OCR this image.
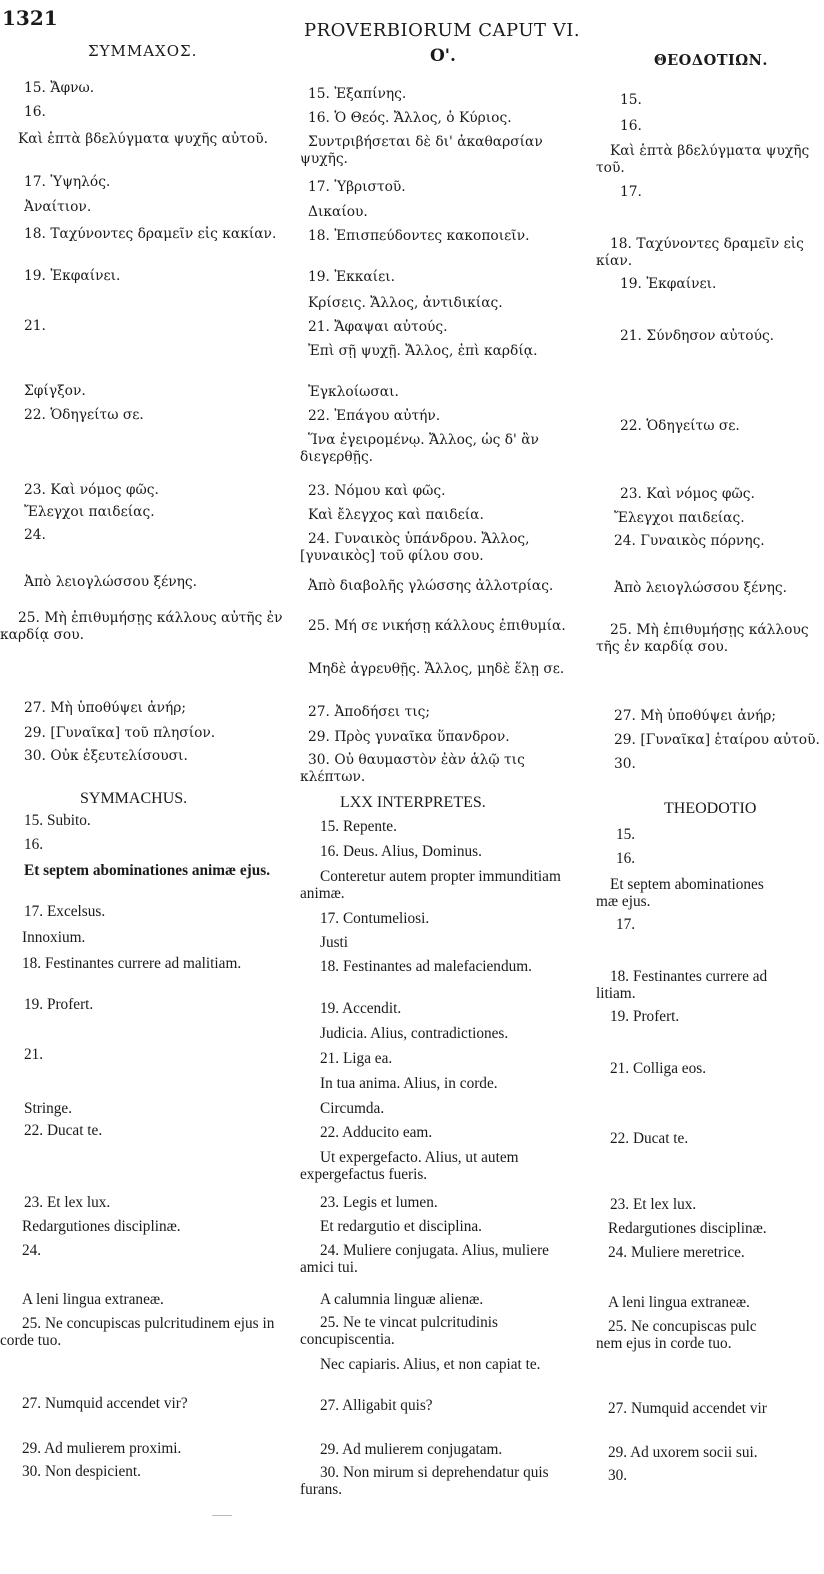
1321
PROVERBIORUM CAPUT VI.
ΣΥΜΜΑΧΟΣ.
15. Ἄφνω.
16.
Καὶ ἑπτὰ βδελύγματα ψυχῆς αὐτοῦ.
17. Ὑψηλός.
Ἀναίτιον.
18. Ταχύνοντες δραμεῖν εἰς κακίαν.
19. Ἐκφαίνει.
21.
Σφίγξον.
22. Ὁδηγείτω σε.
23. Καὶ νόμος φῶς.
Ἔλεγχοι παιδείας.
24.
Ἀπὸ λειογλώσσου ξένης.
25. Μὴ ἐπιθυμήσῃς κάλλους αὐτῆς ἐν καρδίᾳ σου.
27. Μὴ ὑποθύψει ἀνήρ;
29. [Γυναῖκα] τοῦ πλησίον.
30. Οὐκ ἐξευτελίσουσι.
SYMMACHUS.
15. Subito.
16.
Et septem abominationes animæ ejus.
17. Excelsus.
Innoxium.
18. Festinantes currere ad malitiam.
19. Profert.
21.
Stringe.
22. Ducat te.
23. Et lex lux.
Redargutiones disciplinæ.
24.
A leni lingua extraneæ.
25. Ne concupiscas pulcritudinem ejus in corde tuo.
27. Numquid accendet vir?
29. Ad mulierem proximi.
30. Non despicient.
Ο'.
15. Ἐξαπίνης.
16. Ὁ Θεός. Ἄλλος, ὁ Κύριος.
Συντριβήσεται δὲ δι' ἀκαθαρσίαν ψυχῆς.
17. Ὑβριστοῦ.
Δικαίου.
18. Ἐπισπεύδοντες κακοποιεῖν.
19. Ἐκκαίει.
Κρίσεις. Ἄλλος, ἀντιδικίας.
21. Ἄφαψαι αὐτούς.
Ἐπὶ σῇ ψυχῇ. Ἄλλος, ἐπὶ καρδίᾳ.
Ἐγκλοίωσαι.
22. Ἐπάγου αὐτήν.
Ἵνα ἐγειρομένῳ. Ἄλλος, ὡς δ' ἂν διεγερθῇς.
23. Νόμου καὶ φῶς.
Καὶ ἔλεγχος καὶ παιδεία.
24. Γυναικὸς ὑπάνδρου. Ἄλλος, [γυναικὸς] τοῦ φίλου σου.
Ἀπὸ διαβολῆς γλώσσης ἀλλοτρίας.
25. Μή σε νικήσῃ κάλλους ἐπιθυμία.
Μηδὲ ἀγρευθῇς. Ἄλλος, μηδὲ ἕλῃ σε.
27. Ἀποδήσει τις;
29. Πρὸς γυναῖκα ὕπανδρον.
30. Οὐ θαυμαστὸν ἐὰν ἁλῷ τις κλέπτων.
LXX INTERPRETES.
15. Repente.
16. Deus. Alius, Dominus.
Conteretur autem propter immunditiam animæ.
17. Contumeliosi.
Justi
18. Festinantes ad malefaciendum.
19. Accendit.
Judicia. Alius, contradictiones.
21. Liga ea.
In tua anima. Alius, in corde.
Circumda.
22. Adducito eam.
Ut expergefacto. Alius, ut autem expergefactus fueris.
23. Legis et lumen.
Et redargutio et disciplina.
24. Muliere conjugata. Alius, muliere amici tui.
A calumnia linguæ alienæ.
25. Ne te vincat pulcritudinis concupiscentia.
Nec capiaris. Alius, et non capiat te.
27. Alligabit quis?
29. Ad mulierem conjugatam.
30. Non mirum si deprehendatur quis furans.
ΘΕΟΔΟΤΙΩΝ.
15.
16.
Καὶ ἑπτὰ βδελύγματα ψυχῆς
τοῦ.
17.
18. Ταχύνοντες δραμεῖν εἰς
κίαν.
19. Ἐκφαίνει.
21. Σύνδησον αὐτούς.
22. Ὁδηγείτω σε.
23. Καὶ νόμος φῶς.
Ἔλεγχοι παιδείας.
24. Γυναικὸς πόρνης.
Ἀπὸ λειογλώσσου ξένης.
25. Μὴ ἐπιθυμήσῃς κάλλους
τῆς ἐν καρδίᾳ σου.
27. Μὴ ὑποθύψει ἀνήρ;
29. [Γυναῖκα] ἑταίρου αὐτοῦ.
30.
THEODOTIO
15.
16.
Et septem abominationes
mæ ejus.
17.
18. Festinantes currere ad
litiam.
19. Profert.
21. Colliga eos.
22. Ducat te.
23. Et lex lux.
Redargutiones disciplinæ.
24. Muliere meretrice.
A leni lingua extraneæ.
25. Ne concupiscas pulc
nem ejus in corde tuo.
27. Numquid accendet vir
29. Ad uxorem socii sui.
30.
